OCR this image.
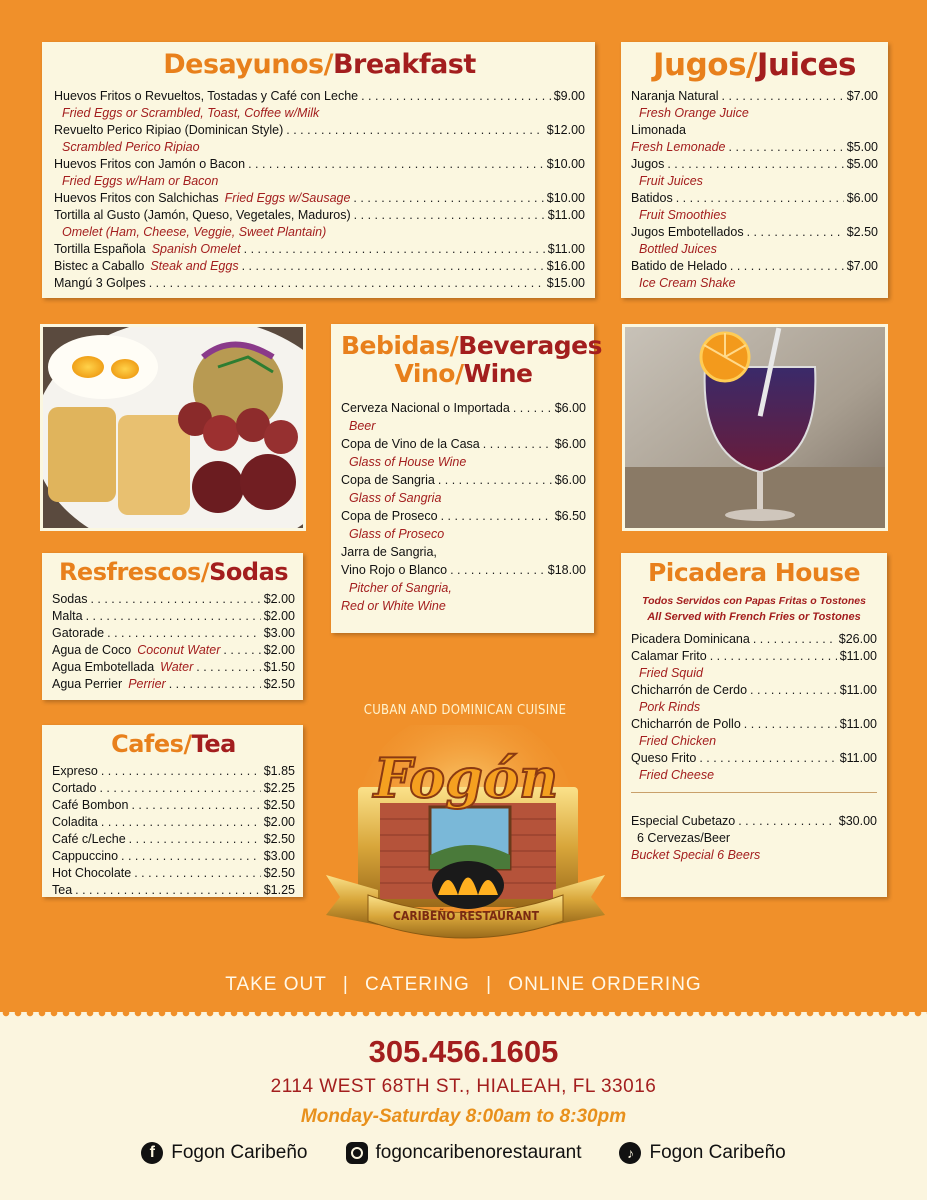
Desayunos/Breakfast
Huevos Fritos o Revueltos, Tostadas y Café con Leche . . .	$9.00
Fried Eggs or Scrambled, Toast, Coffee w/Milk
Revuelto Perico Ripiao (Dominican Style) . . .	$12.00
Scrambled Perico Ripiao
Huevos Fritos con Jamón o Bacon . . .	$10.00
Fried Eggs w/Ham or Bacon
Huevos Fritos con Salchichas Fried Eggs w/Sausage . . .	$10.00
Tortilla al Gusto (Jamón, Queso, Vegetales, Maduros) . . .	$11.00
Omelet (Ham, Cheese, Veggie, Sweet Plantain)
Tortilla Española Spanish Omelet . . .	$11.00
Bistec a Caballo Steak and Eggs . . .	$16.00
Mangú 3 Golpes . . .	$15.00
Jugos/Juices
Naranja Natural . . .	$7.00
Fresh Orange Juice
Limonada
Fresh Lemonade . . .	$5.00
Jugos . . .	$5.00
Fruit Juices
Batidos . . .	$6.00
Fruit Smoothies
Jugos Embotellados . . .	$2.50
Bottled Juices
Batido de Helado . . .	$7.00
Ice Cream Shake
Bebidas/Beverages
Vino/Wine
Cerveza Nacional o Importada . . .	$6.00
Beer
Copa de Vino de la Casa . . .	$6.00
Glass of House Wine
Copa de Sangria . . .	$6.00
Glass of Sangria
Copa de Proseco . . .	$6.50
Glass of Proseco
Jarra de Sangria,
Vino Rojo o Blanco . . .	$18.00
Pitcher of Sangria,
Red or White Wine
Resfrescos/Sodas
Sodas . . .	$2.00
Malta . . .	$2.00
Gatorade . . .	$3.00
Agua de Coco Coconut Water . . .	$2.00
Agua Embotellada Water . . .	$1.50
Agua Perrier Perrier . . .	$2.50
Cafes/Tea
Expreso . . .	$1.85
Cortado . . .	$2.25
Café Bombon . . .	$2.50
Coladita . . .	$2.00
Café c/Leche . . .	$2.50
Cappuccino . . .	$3.00
Hot Chocolate . . .	$2.50
Tea . . .	$1.25
Picadera House
Todos Servidos con Papas Fritas o Tostones
All Served with French Fries or Tostones
Picadera Dominicana . . .	$26.00
Calamar Frito . . .	$11.00
Fried Squid
Chicharrón de Cerdo . . .	$11.00
Pork Rinds
Chicharrón de Pollo . . .	$11.00
Fried Chicken
Queso Frito . . .	$11.00
Fried Cheese
Especial Cubetazo . . .	$30.00
6 Cervezas/Beer
Bucket Special 6 Beers
CUBAN AND DOMINICAN CUISINE
Fogón
CARIBEÑO RESTAURANT
TAKE OUT | CATERING | ONLINE ORDERING
305.456.1605
2114 WEST 68TH ST., HIALEAH, FL 33016
Monday-Saturday 8:00am to 8:30pm
f Fogon Caribeño	fogoncaribenorestaurant	♪ Fogon Caribeño
